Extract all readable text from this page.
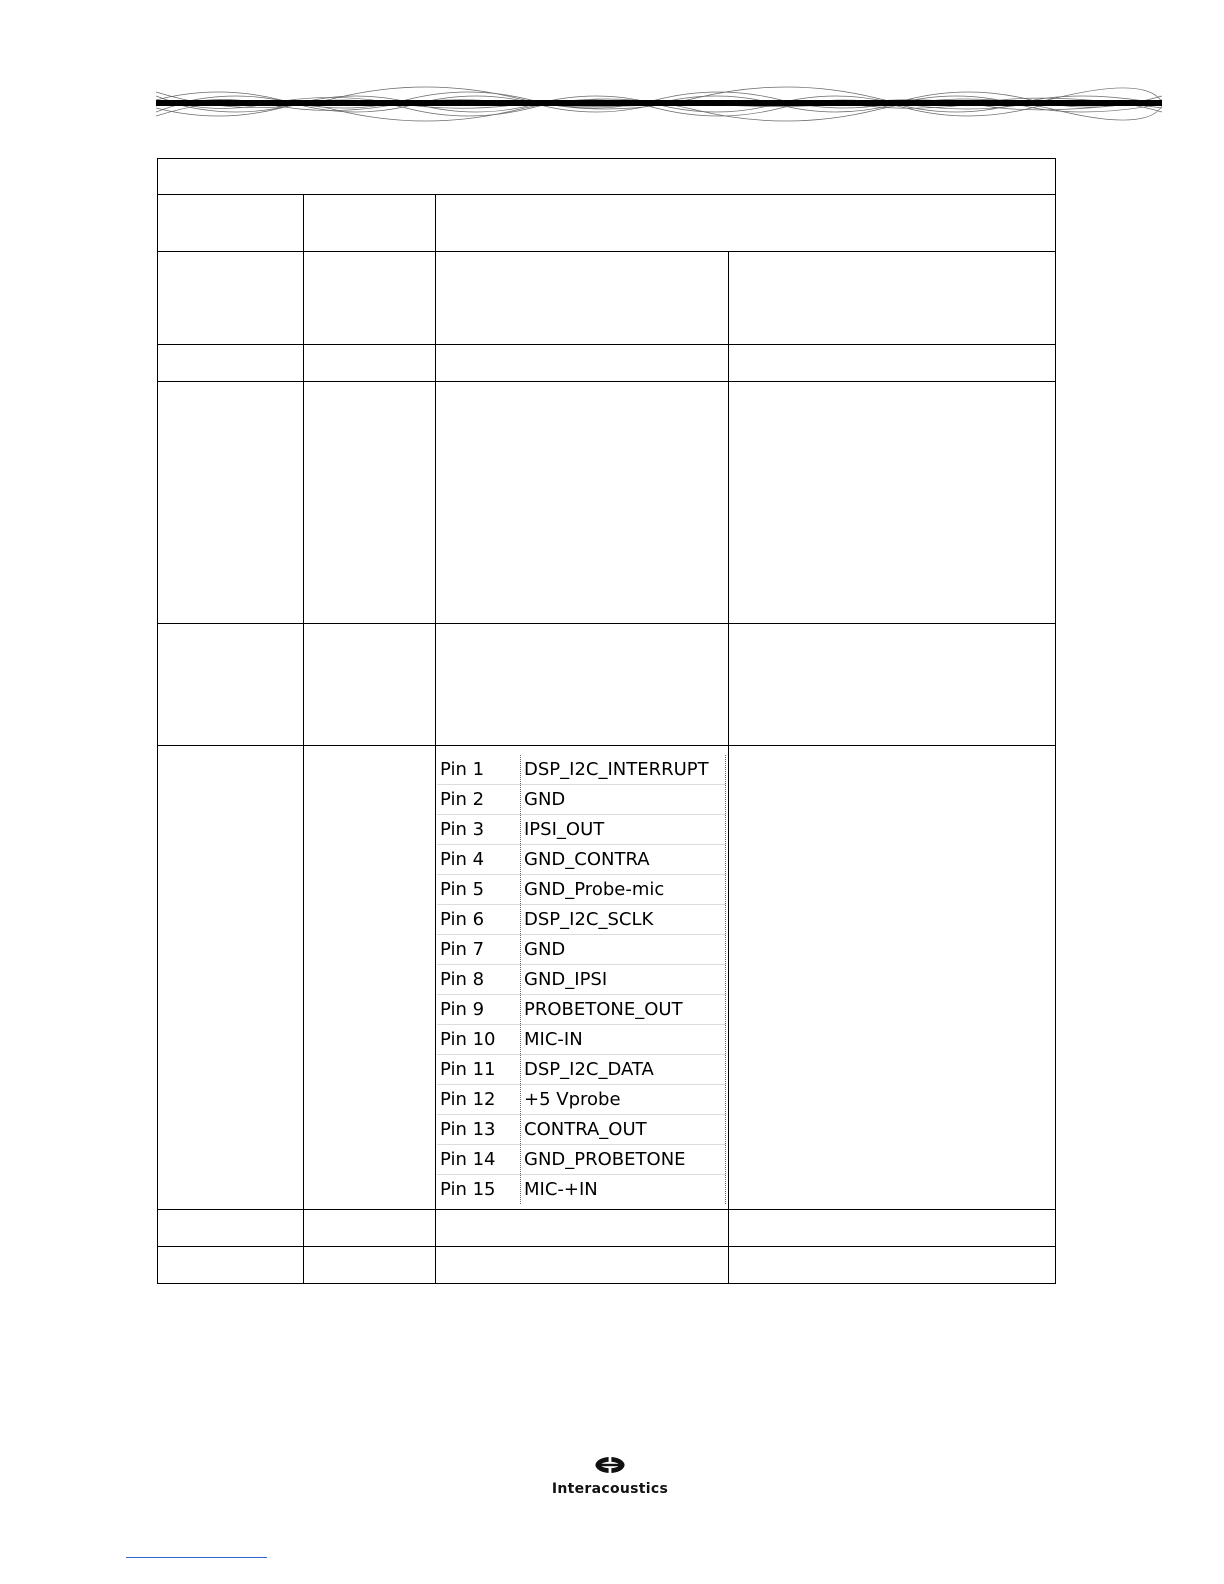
Pin 1	DSP_I2C_INTERRUPT
Pin 2	GND
Pin 3	IPSI_OUT
Pin 4	GND_CONTRA
Pin 5	GND_Probe-mic
Pin 6	DSP_I2C_SCLK
Pin 7	GND
Pin 8	GND_IPSI
Pin 9	PROBETONE_OUT
Pin 10	MIC-IN
Pin 11	DSP_I2C_DATA
Pin 12	+5 Vprobe
Pin 13	CONTRA_OUT
Pin 14	GND_PROBETONE
Pin 15	MIC-+IN

Interacoustics
